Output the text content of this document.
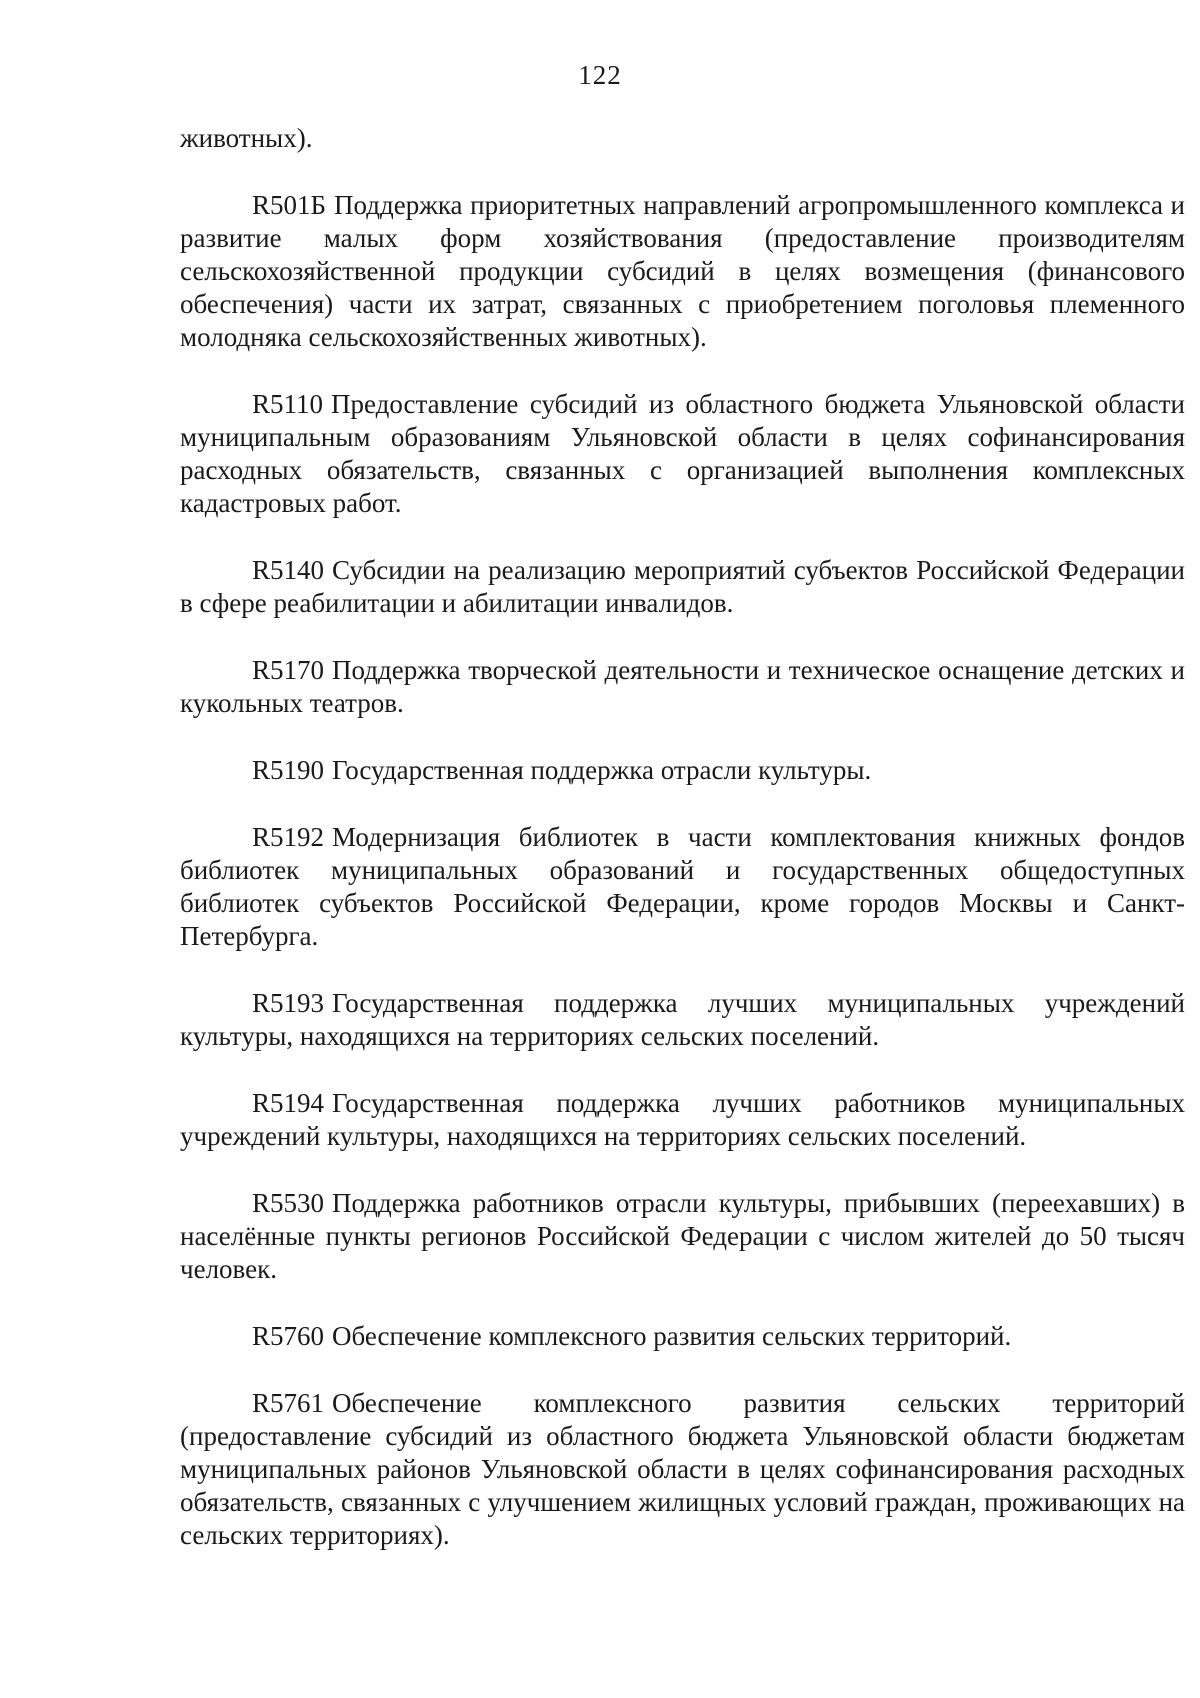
122

животных).

R501Б Поддержка приоритетных направлений агропромышленного комплекса и развитие малых форм хозяйствования (предоставление производителям сельскохозяйственной продукции субсидий в целях возмещения (финансового обеспечения) части их затрат, связанных с приобретением поголовья племенного молодняка сельскохозяйственных животных).

R5110 Предоставление субсидий из областного бюджета Ульяновской области муниципальным образованиям Ульяновской области в целях софинансирования расходных обязательств, связанных с организацией выполнения комплексных кадастровых работ.

R5140 Субсидии на реализацию мероприятий субъектов Российской Федерации в сфере реабилитации и абилитации инвалидов.

R5170 Поддержка творческой деятельности и техническое оснащение детских и кукольных театров.

R5190 Государственная поддержка отрасли культуры.

R5192 Модернизация библиотек в части комплектования книжных фондов библиотек муниципальных образований и государственных общедоступных библиотек субъектов Российской Федерации, кроме городов Москвы и Санкт-Петербурга.

R5193 Государственная поддержка лучших муниципальных учреждений культуры, находящихся на территориях сельских поселений.

R5194 Государственная поддержка лучших работников муниципальных учреждений культуры, находящихся на территориях сельских поселений.

R5530 Поддержка работников отрасли культуры, прибывших (переехавших) в населённые пункты регионов Российской Федерации с числом жителей до 50 тысяч человек.

R5760 Обеспечение комплексного развития сельских территорий.

R5761 Обеспечение комплексного развития сельских территорий (предоставление субсидий из областного бюджета Ульяновской области бюджетам муниципальных районов Ульяновской области в целях софинансирования расходных обязательств, связанных с улучшением жилищных условий граждан, проживающих на сельских территориях).
